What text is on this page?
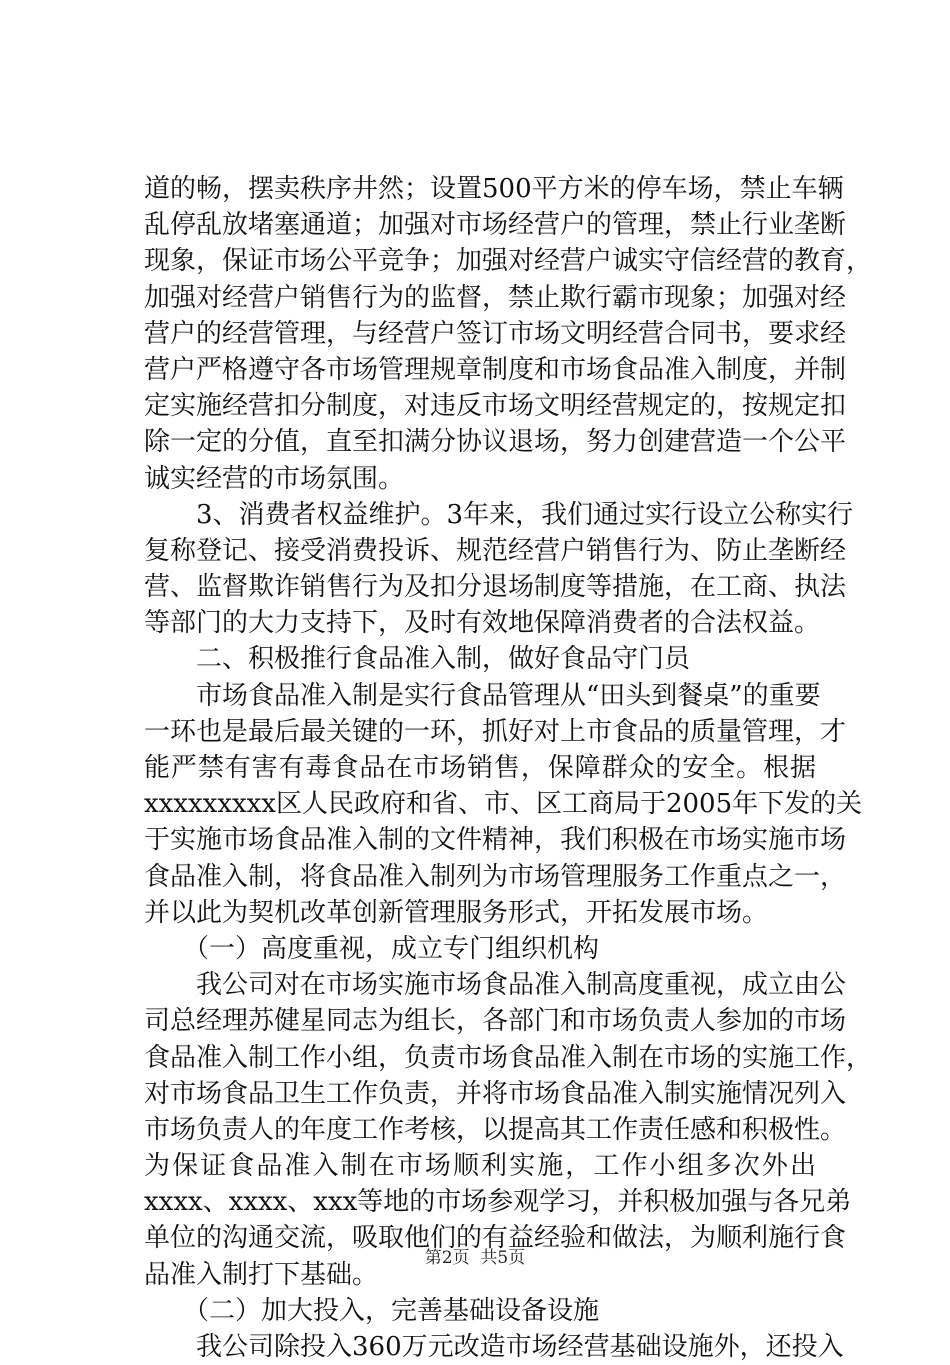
道的畅，摆卖秩序井然；设置500平方米的停车场，禁止车辆
乱停乱放堵塞通道；加强对市场经营户的管理，禁止行业垄断
现象，保证市场公平竞争；加强对经营户诚实守信经营的教育，
加强对经营户销售行为的监督，禁止欺行霸市现象；加强对经
营户的经营管理，与经营户签订市场文明经营合同书，要求经
营户严格遵守各市场管理规章制度和市场食品准入制度，并制
定实施经营扣分制度，对违反市场文明经营规定的，按规定扣
除一定的分值，直至扣满分协议退场，努力创建营造一个公平
诚实经营的市场氛围。
　　3、消费者权益维护。3年来，我们通过实行设立公称实行
复称登记、接受消费投诉、规范经营户销售行为、防止垄断经
营、监督欺诈销售行为及扣分退场制度等措施，在工商、执法
等部门的大力支持下，及时有效地保障消费者的合法权益。
　　二、积极推行食品准入制，做好食品守门员
　　市场食品准入制是实行食品管理从“田头到餐桌”的重要
一环也是最后最关键的一环，抓好对上市食品的质量管理，才
能严禁有害有毒食品在市场销售，保障群众的安全。根据
xxxxxxxxx区人民政府和省、市、区工商局于2005年下发的关
于实施市场食品准入制的文件精神，我们积极在市场实施市场
食品准入制，将食品准入制列为市场管理服务工作重点之一，
并以此为契机改革创新管理服务形式，开拓发展市场。
　　（一）高度重视，成立专门组织机构
　　我公司对在市场实施市场食品准入制高度重视，成立由公
司总经理苏健星同志为组长，各部门和市场负责人参加的市场
食品准入制工作小组，负责市场食品准入制在市场的实施工作，
对市场食品卫生工作负责，并将市场食品准入制实施情况列入
市场负责人的年度工作考核，以提高其工作责任感和积极性。
为保证食品准入制在市场顺利实施，工作小组多次外出
xxxx、xxxx、xxx等地的市场参观学习，并积极加强与各兄弟
单位的沟通交流，吸取他们的有益经验和做法，为顺利施行食
品准入制打下基础。
　　（二）加大投入，完善基础设备设施
　　我公司除投入360万元改造市场经营基础设施外，还投入
第2页  共5页
